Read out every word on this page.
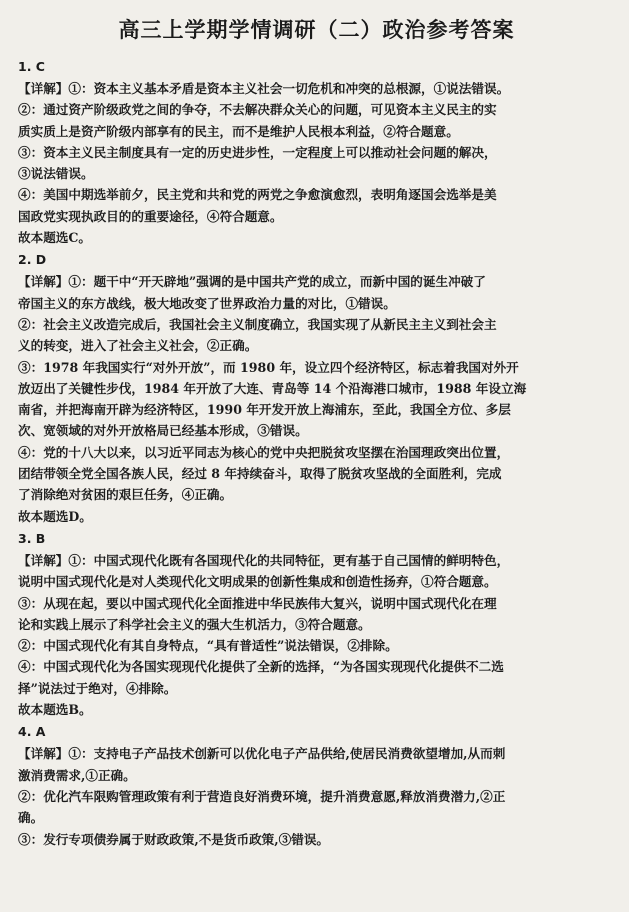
高三上学期学情调研（二）政治参考答案
1. C
【详解】①：资本主义基本矛盾是资本主义社会一切危机和冲突的总根源，①说法错误。
②：通过资产阶级政党之间的争夺，不去解决群众关心的问题，可见资本主义民主的实
质实质上是资产阶级内部享有的民主，而不是维护人民根本利益，②符合题意。
③：资本主义民主制度具有一定的历史进步性，一定程度上可以推动社会问题的解决，
③说法错误。
④：美国中期选举前夕，民主党和共和党的两党之争愈演愈烈，表明角逐国会选举是美
国政党实现执政目的的重要途径，④符合题意。
故本题选C。
2. D
【详解】①：题干中“开天辟地”强调的是中国共产党的成立，而新中国的诞生冲破了
帝国主义的东方战线，极大地改变了世界政治力量的对比，①错误。
②：社会主义改造完成后，我国社会主义制度确立，我国实现了从新民主主义到社会主
义的转变，进入了社会主义社会，②正确。
③：1978 年我国实行“对外开放”，而 1980 年，设立四个经济特区，标志着我国对外开
放迈出了关键性步伐，1984 年开放了大连、青岛等 14 个沿海港口城市，1988 年设立海
南省，并把海南开辟为经济特区，1990 年开发开放上海浦东，至此，我国全方位、多层
次、宽领域的对外开放格局已经基本形成，③错误。
④：党的十八大以来，以习近平同志为核心的党中央把脱贫攻坚摆在治国理政突出位置，
团结带领全党全国各族人民，经过 8 年持续奋斗，取得了脱贫攻坚战的全面胜利，完成
了消除绝对贫困的艰巨任务，④正确。
故本题选D。
3. B
【详解】①：中国式现代化既有各国现代化的共同特征，更有基于自己国情的鲜明特色，
说明中国式现代化是对人类现代化文明成果的创新性集成和创造性扬弃，①符合题意。
③：从现在起，要以中国式现代化全面推进中华民族伟大复兴，说明中国式现代化在理
论和实践上展示了科学社会主义的强大生机活力，③符合题意。
②：中国式现代化有其自身特点，“具有普适性”说法错误，②排除。
④：中国式现代化为各国实现现代化提供了全新的选择，“为各国实现现代化提供不二选
择”说法过于绝对，④排除。
故本题选B。
4. A
【详解】①：支持电子产品技术创新可以优化电子产品供给,使居民消费欲望增加,从而刺
激消费需求,①正确。
②：优化汽车限购管理政策有利于营造良好消费环境，提升消费意愿,释放消费潜力,②正
确。
③：发行专项债券属于财政政策,不是货币政策,③错误。
